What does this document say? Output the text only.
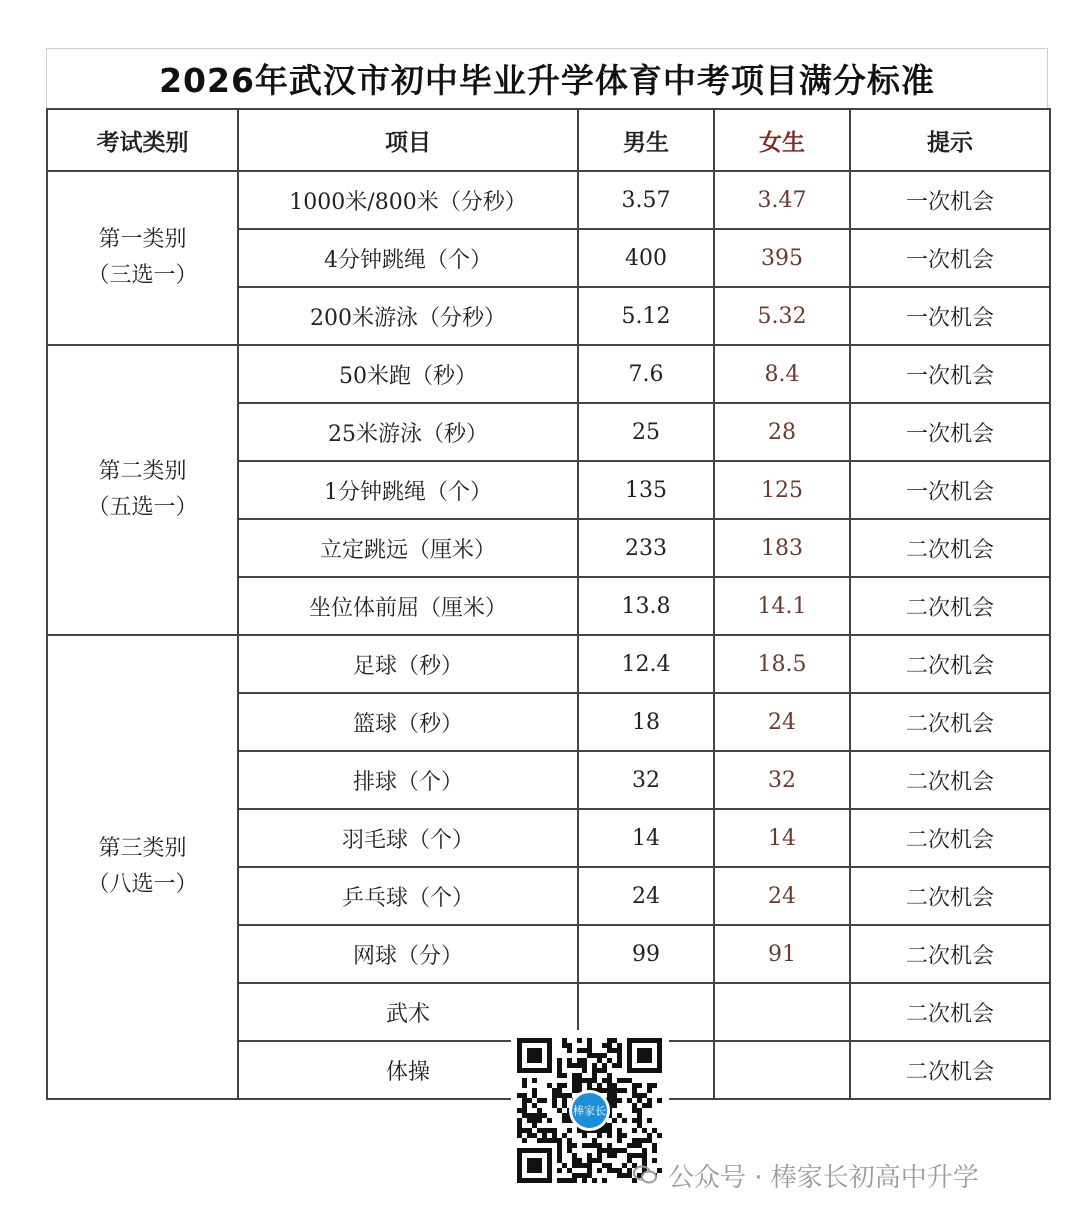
2026年武汉市初中毕业升学体育中考项目满分标准
考试类别	项目	男生	女生	提示

第一类别
（三选一）	1000米/800米（分秒）	3.57	3.47	一次机会
	4分钟跳绳（个）	400	395	一次机会
	200米游泳（分秒）	5.12	5.32	一次机会

第二类别
（五选一）	50米跑（秒）	7.6	8.4	一次机会
	25米游泳（秒）	25	28	一次机会
	1分钟跳绳（个）	135	125	一次机会
	立定跳远（厘米）	233	183	二次机会
	坐位体前屈（厘米）	13.8	14.1	二次机会

第三类别
（八选一）	足球（秒）	12.4	18.5	二次机会
	篮球（秒）	18	24	二次机会
	排球（个）	32	32	二次机会
	羽毛球（个）	14	14	二次机会
	乒乓球（个）	24	24	二次机会
	网球（分）	99	91	二次机会
	武术			二次机会
	体操			二次机会
棒家长
公众号 · 棒家长初高中升学
